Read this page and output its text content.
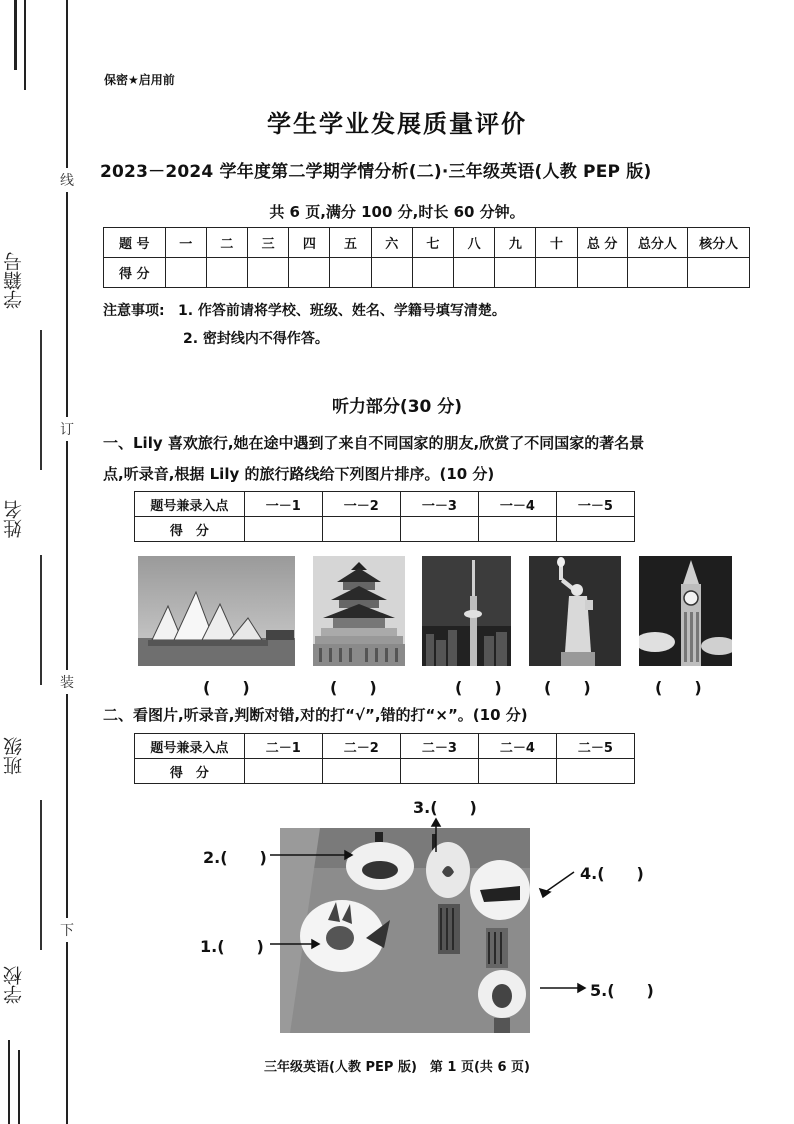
学籍号
姓名
班级
学校
线
订
装
下
保密★启用前
学生学业发展质量评价
2023－2024 学年度第二学期学情分析(二)·三年级英语(人教 PEP 版)
共 6 页,满分 100 分,时长 60 分钟。
题 号	一	二	三	四	五	六	七	八	九	十	总 分	总分人	核分人
得 分													
注意事项: 1. 作答前请将学校、班级、姓名、学籍号填写清楚。
2. 密封线内不得作答。
听力部分(30 分)
一、Lily 喜欢旅行,她在途中遇到了来自不同国家的朋友,欣赏了不同国家的著名景
点,听录音,根据 Lily 的旅行路线给下列图片排序。(10 分)
题号兼录入点	一－1	一－2	一－3	一－4	一－5
得　分					
(　　)	(　　)	(　　)	(　　)	(　　)
二、看图片,听录音,判断对错,对的打“√”,错的打“×”。(10 分)
题号兼录入点	二－1	二－2	二－3	二－4	二－5
得　分					
2.(　　)
1.(　　)
3.(　　)
4.(　　)
5.(　　)
三年级英语(人教 PEP 版)　第 1 页(共 6 页)
